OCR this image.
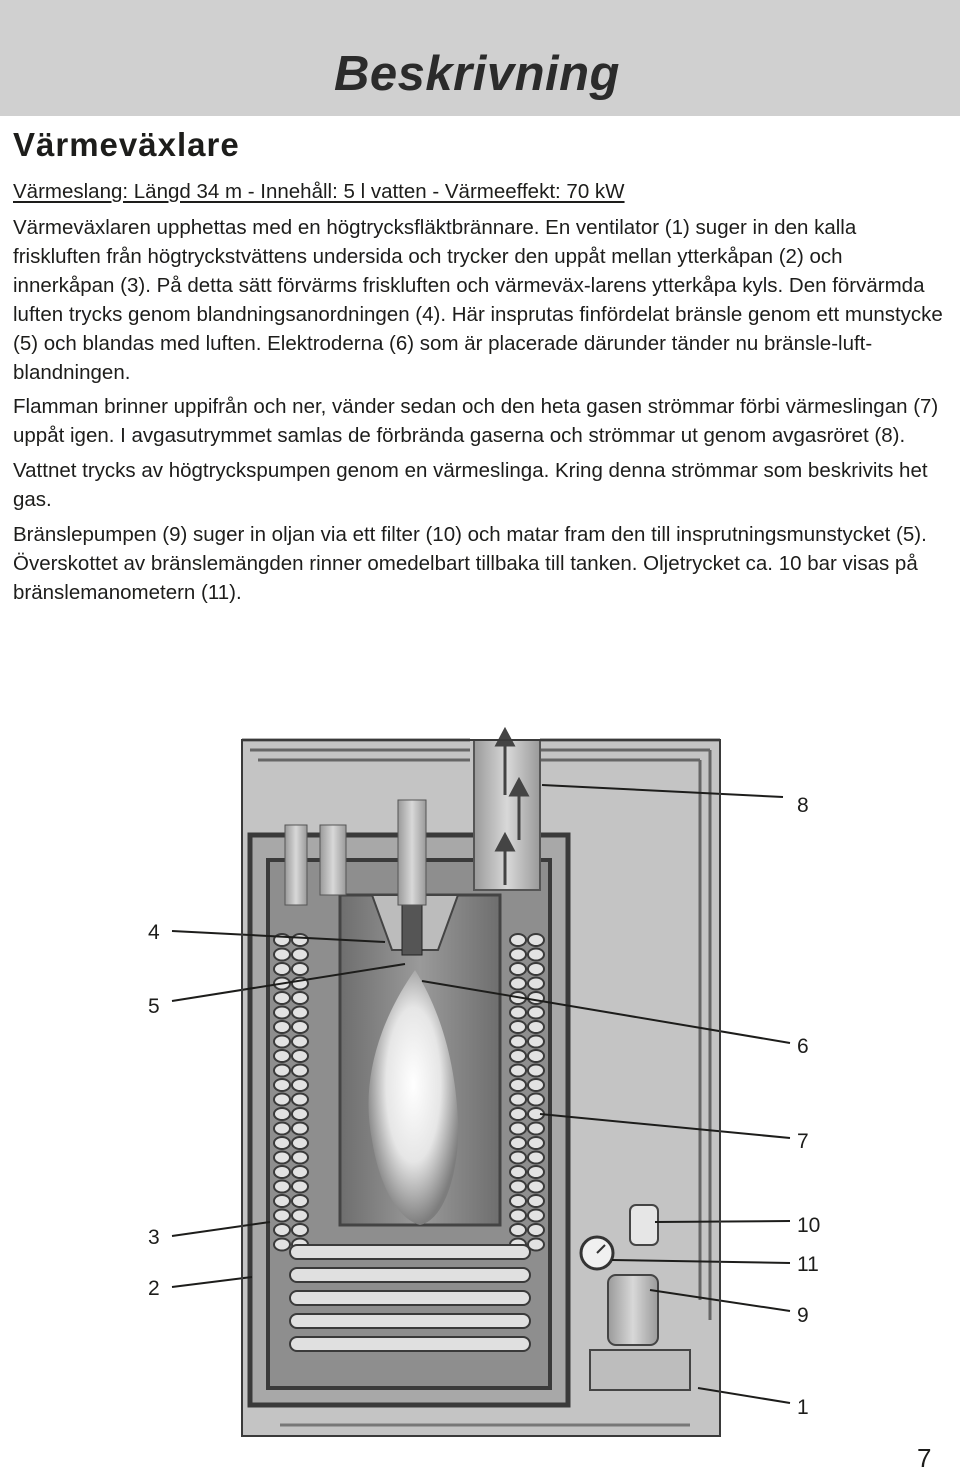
Beskrivning
Värmeväxlare
Värmeslang: Längd 34 m - Innehåll: 5 l vatten - Värmeeffekt: 70 kW

Värmeväxlaren upphettas med en högtrycksfläktbrännare. En ventilator (1) suger in den kalla friskluften från högtryckstvättens undersida och trycker den uppåt mellan ytterkåpan (2) och innerkåpan (3). På detta sätt förvärms friskluften och värmeväx-larens ytterkåpa kyls. Den förvärmda luften trycks genom blandningsanordningen (4). Här insprutas finfördelat bränsle genom ett munstycke (5) och blandas med luften. Elektroderna (6) som är placerade därunder tänder nu bränsle-luft-blandningen.

Flamman brinner uppifrån och ner, vänder sedan och den heta gasen strömmar förbi värmeslingan (7) uppåt igen. I avgasutrymmet samlas de förbrända gaserna och strömmar ut genom avgasröret (8).

Vattnet trycks av högtryckspumpen genom en värmeslinga. Kring denna strömmar som beskrivits het gas.

Bränslepumpen (9) suger in oljan via ett filter (10) och matar fram den till insprutningsmunstycket (5). Överskottet av bränslemängden rinner omedelbart tillbaka till tanken. Oljetrycket ca. 10 bar visas på bränslemanometern (11).

8
4
5
6
7
3
10
11
2
9
1
7
